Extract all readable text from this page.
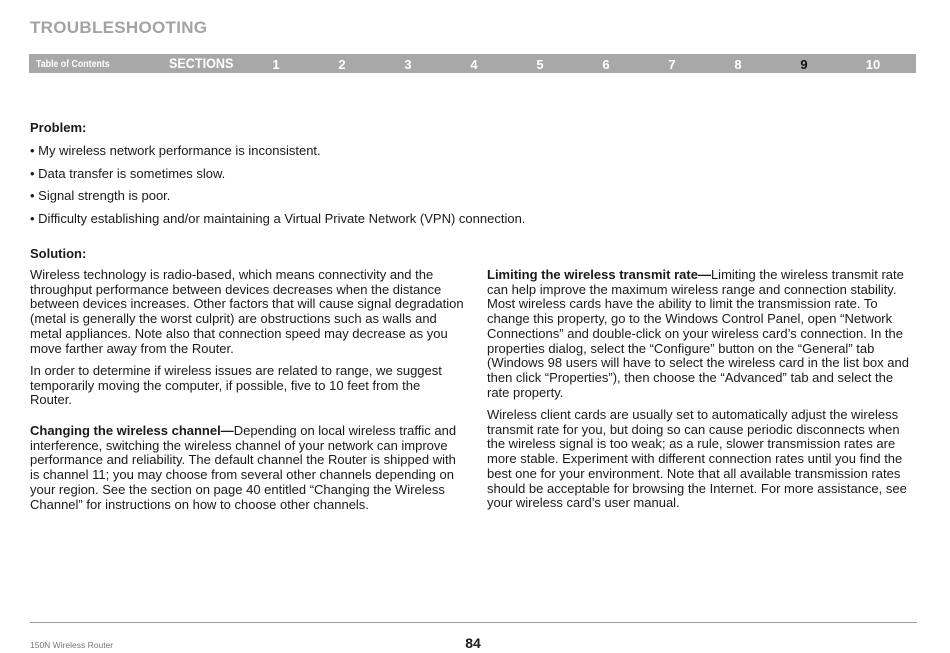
TROUBLESHOOTING
Table of Contents	SECTIONS	1	2	3	4	5	6	7	8	9	10
Problem:
• My wireless network performance is inconsistent.
• Data transfer is sometimes slow.
• Signal strength is poor.
• Difficulty establishing and/or maintaining a Virtual Private Network (VPN) connection.
Solution:

Wireless technology is radio-based, which means connectivity and the throughput performance between devices decreases when the distance between devices increases. Other factors that will cause signal degradation (metal is generally the worst culprit) are obstructions such as walls and metal appliances. Note also that connection speed may decrease as you move farther away from the Router.

In order to determine if wireless issues are related to range, we suggest temporarily moving the computer, if possible, five to 10 feet from the Router.

Changing the wireless channel—Depending on local wireless traffic and interference, switching the wireless channel of your network can improve performance and reliability. The default channel the Router is shipped with is channel 11; you may choose from several other channels depending on your region. See the section on page 40 entitled “Changing the Wireless Channel” for instructions on how to choose other channels.

Limiting the wireless transmit rate—Limiting the wireless transmit rate can help improve the maximum wireless range and connection stability. Most wireless cards have the ability to limit the transmission rate. To change this property, go to the Windows Control Panel, open “Network Connections” and double-click on your wireless card’s connection. In the properties dialog, select the “Configure” button on the “General” tab (Windows 98 users will have to select the wireless card in the list box and then click “Properties”), then choose the “Advanced” tab and select the rate property.

Wireless client cards are usually set to automatically adjust the wireless transmit rate for you, but doing so can cause periodic disconnects when the wireless signal is too weak; as a rule, slower transmission rates are more stable. Experiment with different connection rates until you find the best one for your environment. Note that all available transmission rates should be acceptable for browsing the Internet. For more assistance, see your wireless card’s user manual.

150N Wireless Router	84
